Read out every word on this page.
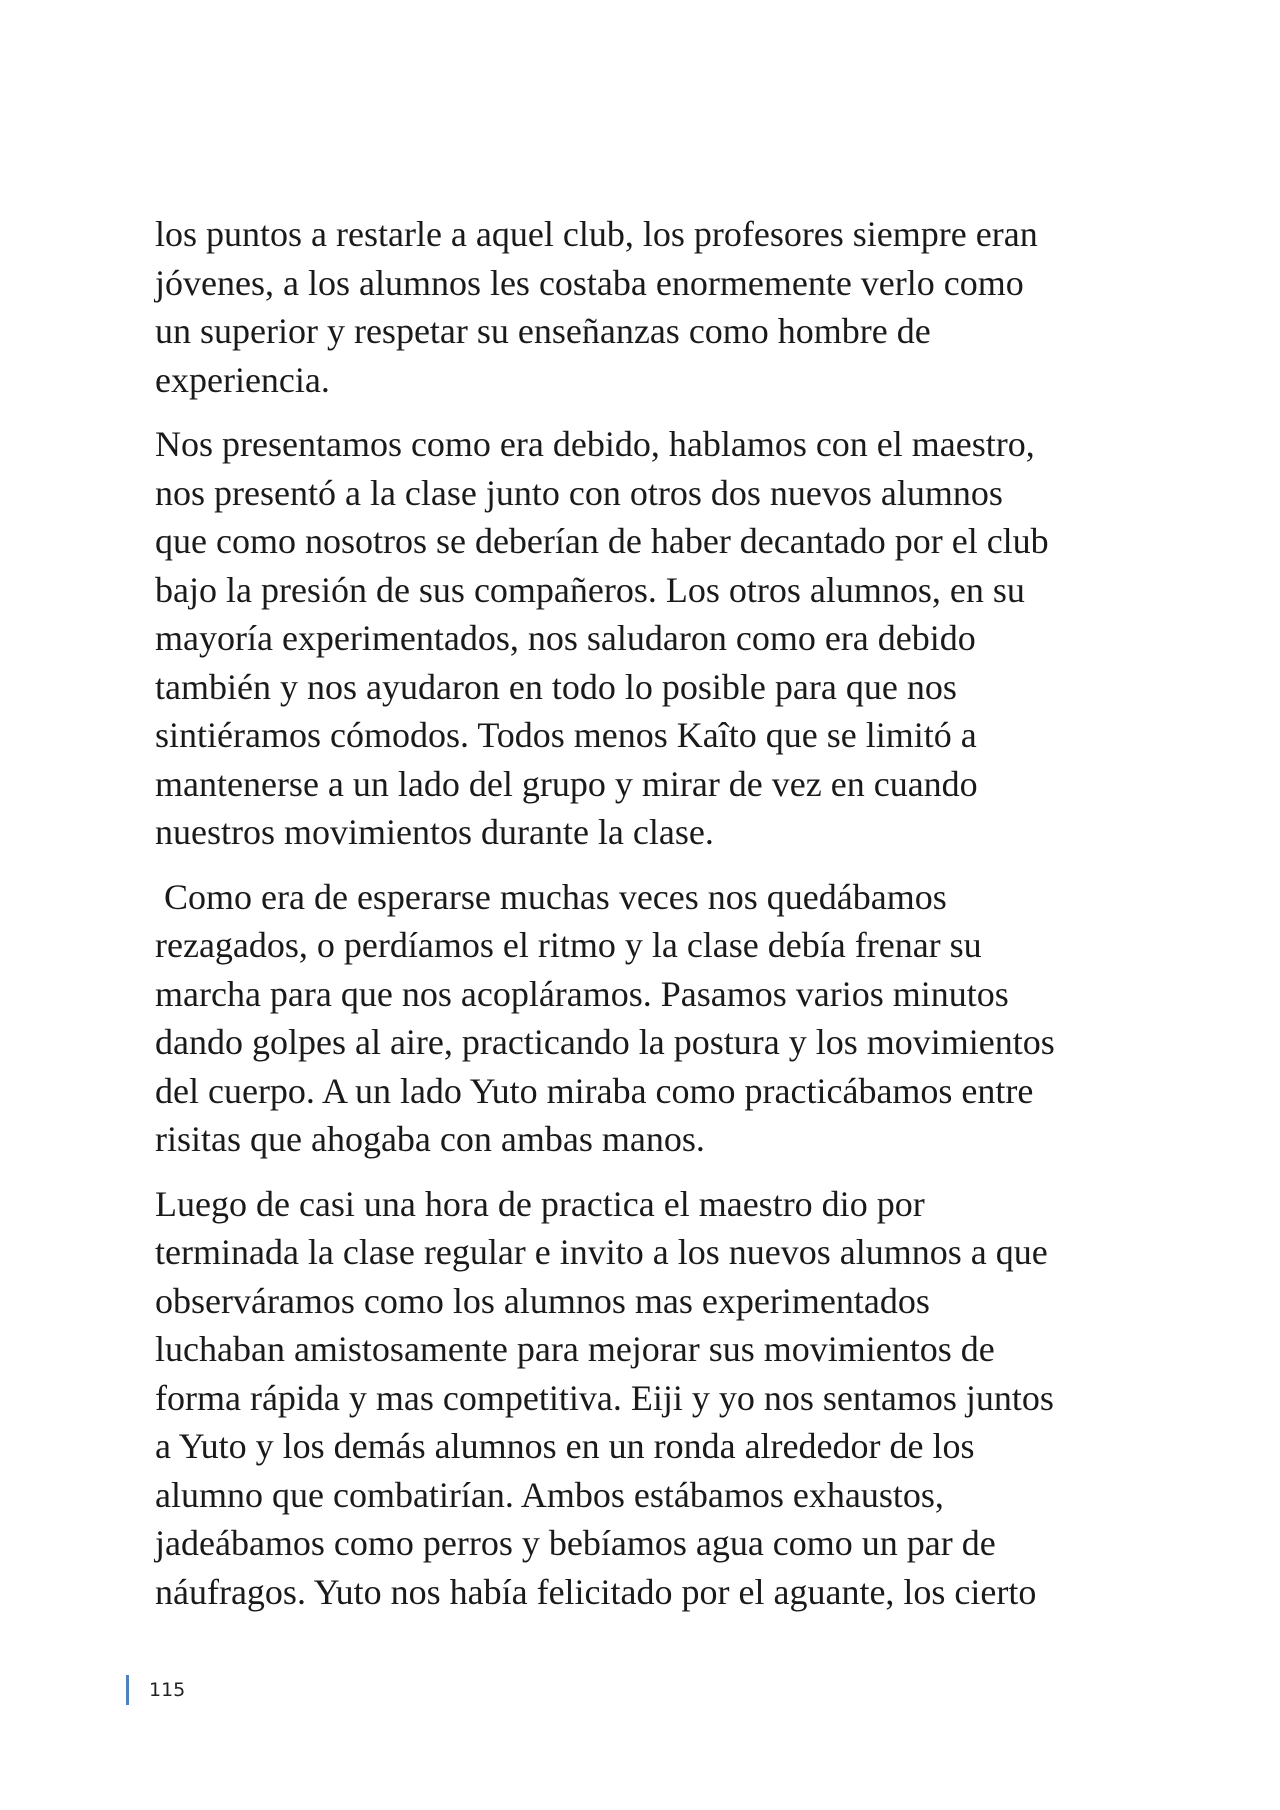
los puntos a restarle a aquel club, los profesores siempre eran
jóvenes, a los alumnos les costaba enormemente verlo como
un superior y respetar su enseñanzas como hombre de
experiencia.

Nos presentamos como era debido, hablamos con el maestro,
nos presentó a la clase junto con otros dos nuevos alumnos
que como nosotros se deberían de haber decantado por el club
bajo la presión de sus compañeros. Los otros alumnos, en su
mayoría experimentados, nos saludaron como era debido
también y nos ayudaron en todo lo posible para que nos
sintiéramos cómodos. Todos menos Kaîto que se limitó a
mantenerse a un lado del grupo y mirar de vez en cuando
nuestros movimientos durante la clase.

Como era de esperarse muchas veces nos quedábamos
rezagados, o perdíamos el ritmo y la clase debía frenar su
marcha para que nos acopláramos. Pasamos varios minutos
dando golpes al aire, practicando la postura y los movimientos
del cuerpo. A un lado Yuto miraba como practicábamos entre
risitas que ahogaba con ambas manos.

Luego de casi una hora de practica el maestro dio por
terminada la clase regular e invito a los nuevos alumnos a que
observáramos como los alumnos mas experimentados
luchaban amistosamente para mejorar sus movimientos de
forma rápida y mas competitiva. Eiji y yo nos sentamos juntos
a Yuto y los demás alumnos en un ronda alrededor de los
alumno que combatirían. Ambos estábamos exhaustos,
jadeábamos como perros y bebíamos agua como un par de
náufragos. Yuto nos había felicitado por el aguante, los cierto

115
